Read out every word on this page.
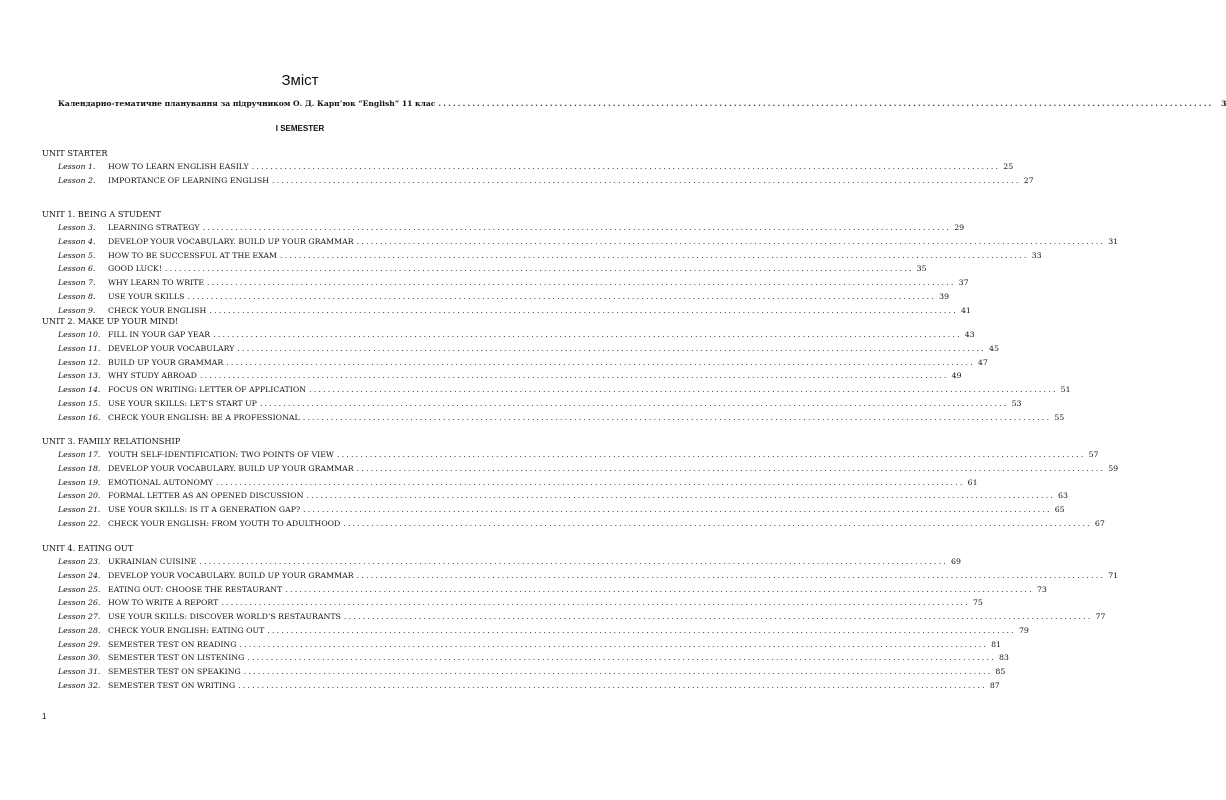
Зміст
Календарно-тематичне планування за підручником О. Д. Карп’юк “English” 11 клас ................................................................................................................................................................	3
I SEMESTER
UNIT STARTER
Lesson 1.	HOW TO LEARN ENGLISH EASILY ................................................................................................................................................................ 25
Lesson 2.	IMPORTANCE OF LEARNING ENGLISH ................................................................................................................................................................ 27
UNIT 1. BEING A STUDENT
Lesson 3.	LEARNING STRATEGY ................................................................................................................................................................ 29
Lesson 4.	DEVELOP YOUR VOCABULARY. BUILD UP YOUR GRAMMAR ................................................................................................................................................................ 31
Lesson 5.	HOW TO BE SUCCESSFUL AT THE EXAM ................................................................................................................................................................ 33
Lesson 6.	GOOD LUCK! ................................................................................................................................................................ 35
Lesson 7.	WHY LEARN TO WRITE ................................................................................................................................................................ 37
Lesson 8.	USE YOUR SKILLS ................................................................................................................................................................ 39
Lesson 9.	CHECK YOUR ENGLISH ................................................................................................................................................................ 41
UNIT 2. MAKE UP YOUR MIND!
Lesson 10. FILL IN YOUR GAP YEAR ................................................................................................................................................................ 43
Lesson 11. DEVELOP YOUR VOCABULARY ................................................................................................................................................................ 45
Lesson 12. BUILD UP YOUR GRAMMAR ................................................................................................................................................................ 47
Lesson 13. WHY STUDY ABROAD ................................................................................................................................................................ 49
Lesson 14. FOCUS ON WRITING: LETTER OF APPLICATION ................................................................................................................................................................ 51
Lesson 15. USE YOUR SKILLS: LET’S START UP ................................................................................................................................................................ 53
Lesson 16. CHECK YOUR ENGLISH: BE A PROFESSIONAL ................................................................................................................................................................ 55
UNIT 3. FAMILY RELATIONSHIP
Lesson 17. YOUTH SELF-IDENTIFICATION: TWO POINTS OF VIEW ................................................................................................................................................................ 57
Lesson 18. DEVELOP YOUR VOCABULARY. BUILD UP YOUR GRAMMAR ................................................................................................................................................................ 59
Lesson 19. EMOTIONAL AUTONOMY ................................................................................................................................................................ 61
Lesson 20. FORMAL LETTER AS AN OPENED DISCUSSION ................................................................................................................................................................ 63
Lesson 21. USE YOUR SKILLS: IS IT A GENERATION GAP? ................................................................................................................................................................ 65
Lesson 22. CHECK YOUR ENGLISH: FROM YOUTH TO ADULTHOOD ................................................................................................................................................................ 67
UNIT 4. EATING OUT
Lesson 23. UKRAINIAN CUISINE ................................................................................................................................................................ 69
Lesson 24. DEVELOP YOUR VOCABULARY. BUILD UP YOUR GRAMMAR ................................................................................................................................................................ 71
Lesson 25. EATING OUT: CHOOSE THE RESTAURANT ................................................................................................................................................................ 73
Lesson 26. HOW TO WRITE A REPORT ................................................................................................................................................................ 75
Lesson 27. USE YOUR SKILLS: DISCOVER WORLD’S RESTAURANTS ................................................................................................................................................................ 77
Lesson 28. CHECK YOUR ENGLISH: EATING OUT ................................................................................................................................................................ 79
Lesson 29. SEMESTER TEST ON READING ................................................................................................................................................................ 81
Lesson 30. SEMESTER TEST ON LISTENING ................................................................................................................................................................ 83
Lesson 31. SEMESTER TEST ON SPEAKING ................................................................................................................................................................ 85
Lesson 32. SEMESTER TEST ON WRITING ................................................................................................................................................................ 87
1
